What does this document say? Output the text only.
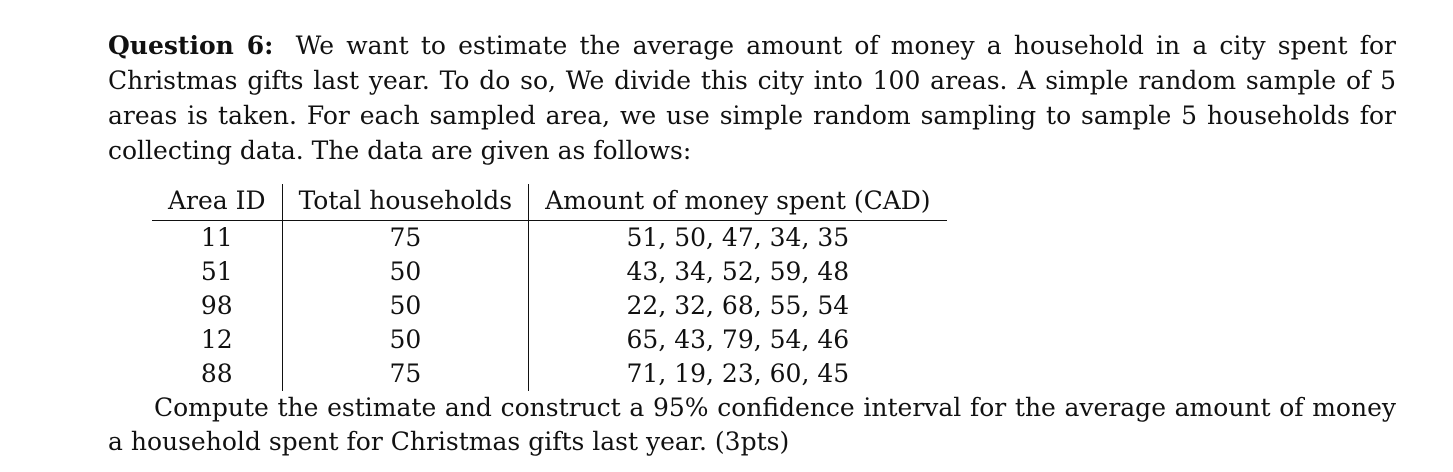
Question 6: We want to estimate the average amount of money a household in a city spent for Christmas gifts last year. To do so, We divide this city into 100 areas. A simple random sample of 5 areas is taken. For each sampled area, we use simple random sampling to sample 5 households for collecting data. The data are given as follows:

Area ID	Total households	Amount of money spent (CAD)
11	75	51, 50, 47, 34, 35
51	50	43, 34, 52, 59, 48
98	50	22, 32, 68, 55, 54
12	50	65, 43, 79, 54, 46
88	75	71, 19, 23, 60, 45

Compute the estimate and construct a 95% confidence interval for the average amount of money a household spent for Christmas gifts last year. (3pts)
